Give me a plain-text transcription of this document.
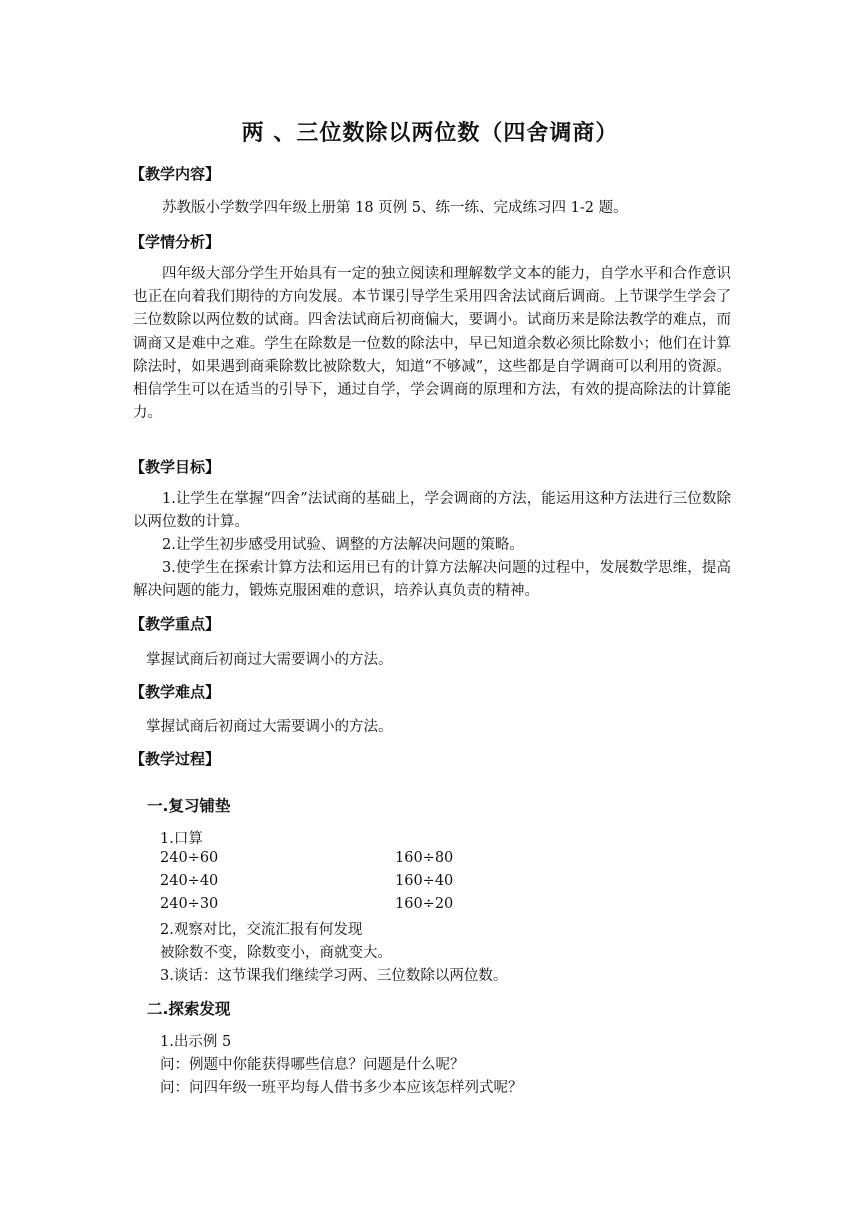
两 、三位数除以两位数（四舍调商）
【教学内容】
苏教版小学数学四年级上册第 18 页例 5、练一练、完成练习四 1-2 题。
【学情分析】
四年级大部分学生开始具有一定的独立阅读和理解数学文本的能力，自学水平和合作意识也正在向着我们期待的方向发展。本节课引导学生采用四舍法试商后调商。上节课学生学会了三位数除以两位数的试商。四舍法试商后初商偏大，要调小。试商历来是除法教学的难点，而调商又是难中之难。学生在除数是一位数的除法中，早已知道余数必须比除数小；他们在计算除法时，如果遇到商乘除数比被除数大，知道“不够减”，这些都是自学调商可以利用的资源。相信学生可以在适当的引导下，通过自学，学会调商的原理和方法，有效的提高除法的计算能力。
【教学目标】
1.让学生在掌握“四舍”法试商的基础上，学会调商的方法，能运用这种方法进行三位数除以两位数的计算。
2.让学生初步感受用试验、调整的方法解决问题的策略。
3.使学生在探索计算方法和运用已有的计算方法解决问题的过程中，发展数学思维，提高解决问题的能力，锻炼克服困难的意识，培养认真负责的精神。
【教学重点】
掌握试商后初商过大需要调小的方法。
【教学难点】
掌握试商后初商过大需要调小的方法。
【教学过程】
一.复习铺垫
1.口算
240÷60	160÷80
240÷40	160÷40
240÷30	160÷20
2.观察对比，交流汇报有何发现
被除数不变，除数变小，商就变大。
3.谈话：这节课我们继续学习两、三位数除以两位数。
二.探索发现
1.出示例 5
问：例题中你能获得哪些信息？问题是什么呢？
问：问四年级一班平均每人借书多少本应该怎样列式呢？
